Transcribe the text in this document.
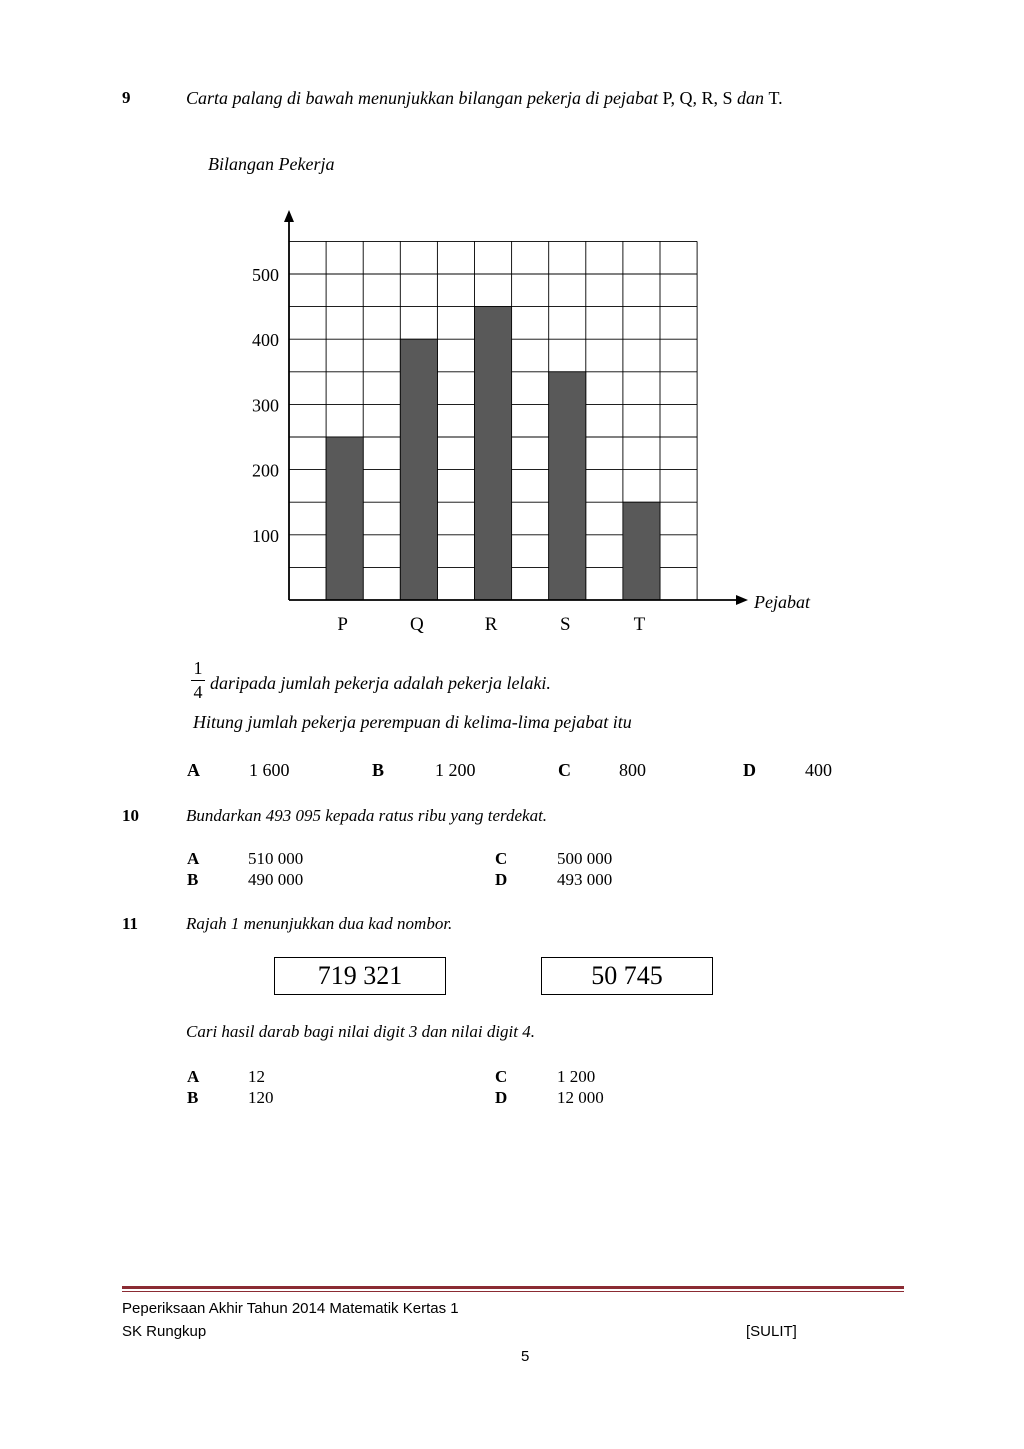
9	Carta palang di bawah menunjukkan bilangan pekerja di pejabat P, Q, R, S dan T.
Bilangan Pekerja
100
200
300
400
500
P	Q	R	S	T
Pejabat
1
4 daripada jumlah pekerja adalah pekerja lelaki.
Hitung jumlah pekerja perempuan di kelima-lima pejabat itu
A	1 600	B	1 200	C	800	D	400
10	Bundarkan 493 095 kepada ratus ribu yang terdekat.
A	510 000
B	490 000
C	500 000
D	493 000
11	Rajah 1 menunjukkan dua kad nombor.
719 321	50 745
Cari hasil darab bagi nilai digit 3 dan nilai digit 4.
A	12
B	120
C	1 200
D	12 000
Peperiksaan Akhir Tahun 2014 Matematik Kertas 1
SK Rungkup	[SULIT]
5
